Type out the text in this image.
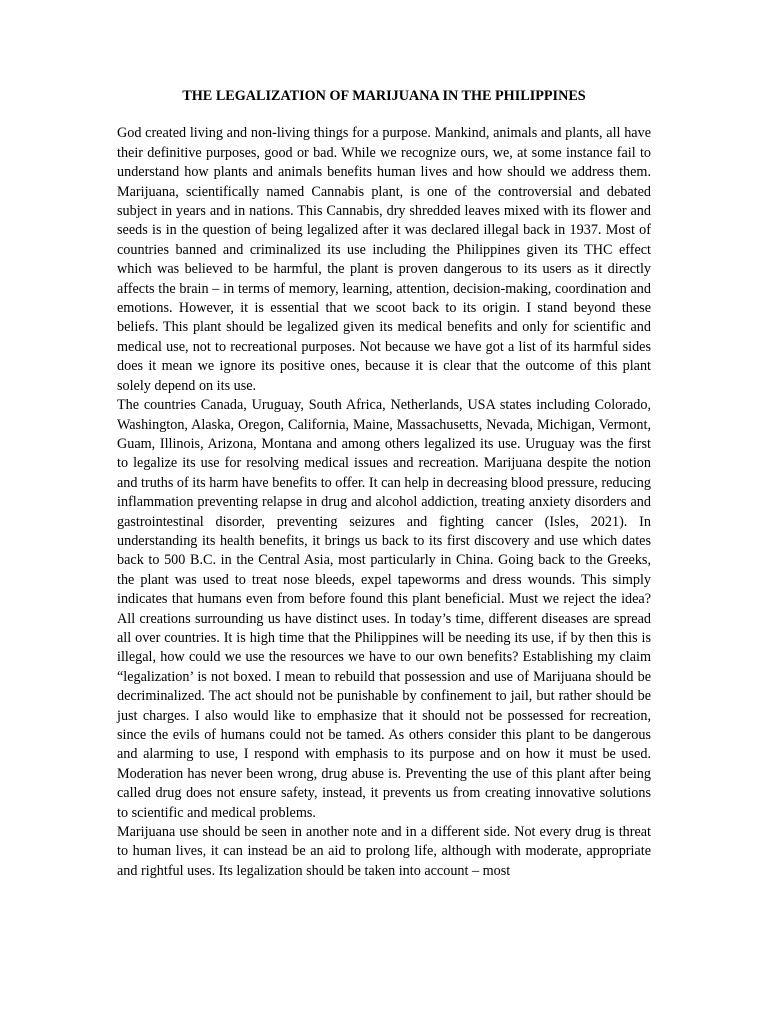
THE LEGALIZATION OF MARIJUANA IN THE PHILIPPINES

God created living and non-living things for a purpose. Mankind, animals and plants, all have their definitive purposes, good or bad. While we recognize ours, we, at some instance fail to understand how plants and animals benefits human lives and how should we address them. Marijuana, scientifically named Cannabis plant, is one of the controversial and debated subject in years and in nations. This Cannabis, dry shredded leaves mixed with its flower and seeds is in the question of being legalized after it was declared illegal back in 1937. Most of countries banned and criminalized its use including the Philippines given its THC effect which was believed to be harmful, the plant is proven dangerous to its users as it directly affects the brain – in terms of memory, learning, attention, decision-making, coordination and emotions. However, it is essential that we scoot back to its origin. I stand beyond these beliefs. This plant should be legalized given its medical benefits and only for scientific and medical use, not to recreational purposes. Not because we have got a list of its harmful sides does it mean we ignore its positive ones, because it is clear that the outcome of this plant solely depend on its use.

The countries Canada, Uruguay, South Africa, Netherlands, USA states including Colorado, Washington, Alaska, Oregon, California, Maine, Massachusetts, Nevada, Michigan, Vermont, Guam, Illinois, Arizona, Montana and among others legalized its use. Uruguay was the first to legalize its use for resolving medical issues and recreation. Marijuana despite the notion and truths of its harm have benefits to offer. It can help in decreasing blood pressure, reducing inflammation preventing relapse in drug and alcohol addiction, treating anxiety disorders and gastrointestinal disorder, preventing seizures and fighting cancer (Isles, 2021). In understanding its health benefits, it brings us back to its first discovery and use which dates back to 500 B.C. in the Central Asia, most particularly in China. Going back to the Greeks, the plant was used to treat nose bleeds, expel tapeworms and dress wounds. This simply indicates that humans even from before found this plant beneficial. Must we reject the idea? All creations surrounding us have distinct uses. In today’s time, different diseases are spread all over countries. It is high time that the Philippines will be needing its use, if by then this is illegal, how could we use the resources we have to our own benefits? Establishing my claim “legalization’ is not boxed. I mean to rebuild that possession and use of Marijuana should be decriminalized. The act should not be punishable by confinement to jail, but rather should be just charges. I also would like to emphasize that it should not be possessed for recreation, since the evils of humans could not be tamed. As others consider this plant to be dangerous and alarming to use, I respond with emphasis to its purpose and on how it must be used. Moderation has never been wrong, drug abuse is. Preventing the use of this plant after being called drug does not ensure safety, instead, it prevents us from creating innovative solutions to scientific and medical problems.

Marijuana use should be seen in another note and in a different side. Not every drug is threat to human lives, it can instead be an aid to prolong life, although with moderate, appropriate and rightful uses. Its legalization should be taken into account – most
